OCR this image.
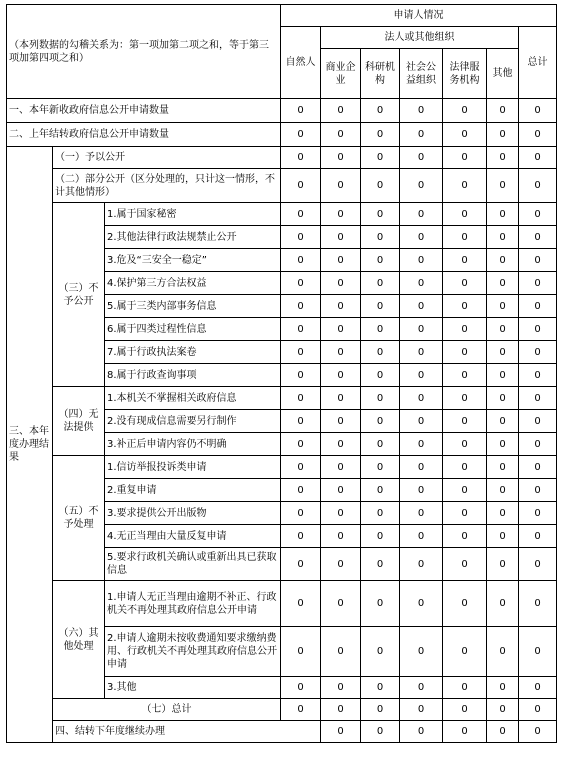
（本列数据的勾稽关系为：第一项加第二项之和，等于第三项加第四项之和）			申请人情况							
			自然人	法人或其他组织					总计	
				商业企业	科研机构	社会公益组织	法律服务机构	其他		
一、本年新收政府信息公开申请数量			0	0	0	0	0	0	0	
二、上年结转政府信息公开申请数量			0	0	0	0	0	0	0	
三、本年度办理结果	（一）予以公开		0	0	0	0	0	0	0	
	（二）部分公开（区分处理的，只计这一情形，不计其他情形）		0	0	0	0	0	0	0	
	（三）不予公开	1.属于国家秘密	0	0	0	0	0	0	0	
		2.其他法律行政法规禁止公开	0	0	0	0	0	0	0	
		3.危及“三安全一稳定”	0	0	0	0	0	0	0	
		4.保护第三方合法权益	0	0	0	0	0	0	0	
		5.属于三类内部事务信息	0	0	0	0	0	0	0	
		6.属于四类过程性信息	0	0	0	0	0	0	0	
		7.属于行政执法案卷	0	0	0	0	0	0	0	
		8.属于行政查询事项	0	0	0	0	0	0	0	
	（四）无法提供	1.本机关不掌握相关政府信息	0	0	0	0	0	0	0	
		2.没有现成信息需要另行制作	0	0	0	0	0	0	0	
		3.补正后申请内容仍不明确	0	0	0	0	0	0	0	
	（五）不予处理	1.信访举报投诉类申请	0	0	0	0	0	0	0	
		2.重复申请	0	0	0	0	0	0	0	
		3.要求提供公开出版物	0	0	0	0	0	0	0	
		4.无正当理由大量反复申请	0	0	0	0	0	0	0	
		5.要求行政机关确认或重新出具已获取信息	0	0	0	0	0	0	0	
	（六）其他处理	1.申请人无正当理由逾期不补正、行政机关不再处理其政府信息公开申请	0	0	0	0	0	0	0	
		2.申请人逾期未按收费通知要求缴纳费用、行政机关不再处理其政府信息公开申请	0	0	0	0	0	0	0	
		3.其他	0	0	0	0	0	0	0	
	（七）总计		0	0	0	0	0	0	0	
	四、结转下年度继续办理			0	0	0	0	0	0	
